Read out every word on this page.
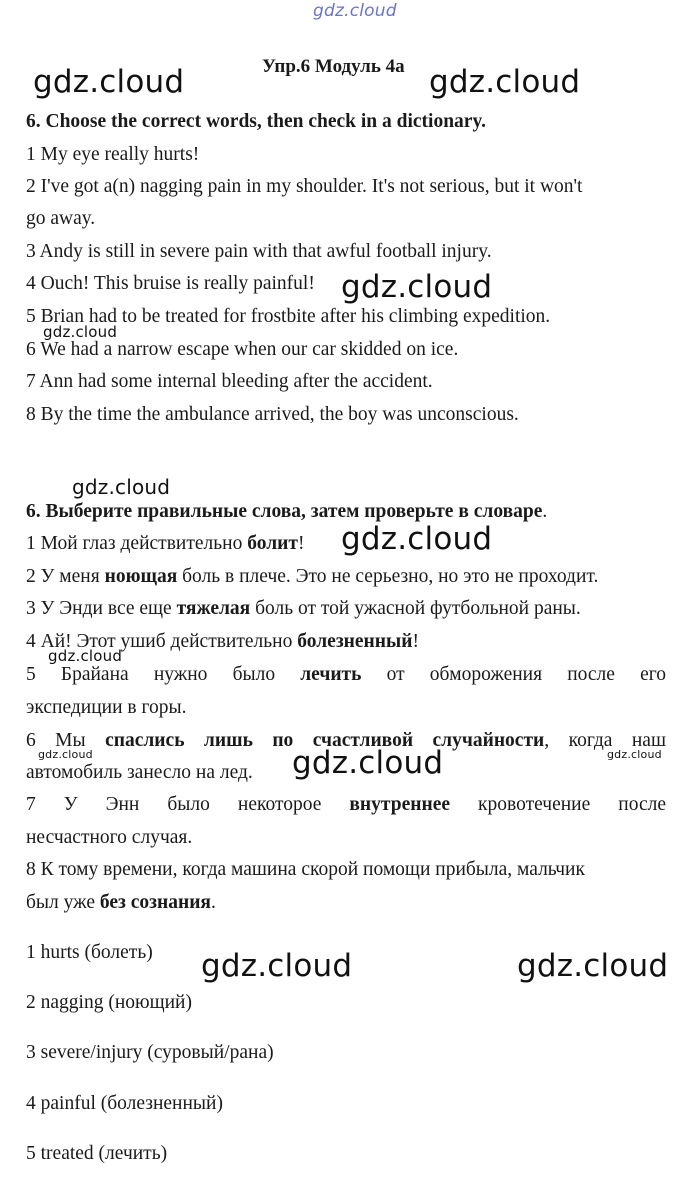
gdz.cloud
gdz.cloud	gdz.cloud
gdz.cloud
gdz.cloud
gdz.cloud
gdz.cloud
gdz.cloud
gdz.cloud	gdz.cloud
gdz.cloud
gdz.cloud	gdz.cloud
Упр.6 Модуль 4a
6. Choose the correct words, then check in a dictionary.
1 My eye really hurts!
2 I've got a(n) nagging pain in my shoulder. It's not serious, but it won't
go away.
3 Andy is still in severe pain with that awful football injury.
4 Ouch! This bruise is really painful!
5 Brian had to be treated for frostbite after his climbing expedition.
6 We had a narrow escape when our car skidded on ice.
7 Ann had some internal bleeding after the accident.
8 By the time the ambulance arrived, the boy was unconscious.
6. Выберите правильные слова, затем проверьте в словаре.
1 Мой глаз действительно болит!
2 У меня ноющая боль в плече. Это не серьезно, но это не проходит.
3 У Энди все еще тяжелая боль от той ужасной футбольной раны.
4 Ай! Этот ушиб действительно болезненный!
5 Брайана нужно было лечить от обморожения после его
экспедиции в горы.
6 Мы спаслись лишь по счастливой случайности, когда наш
автомобиль занесло на лед.
7 У Энн было некоторое внутреннее кровотечение после
несчастного случая.
8 К тому времени, когда машина скорой помощи прибыла, мальчик
был уже без сознания.
1 hurts (болеть)
2 nagging (ноющий)
3 severe/injury (суровый/рана)
4 painful (болезненный)
5 treated (лечить)
